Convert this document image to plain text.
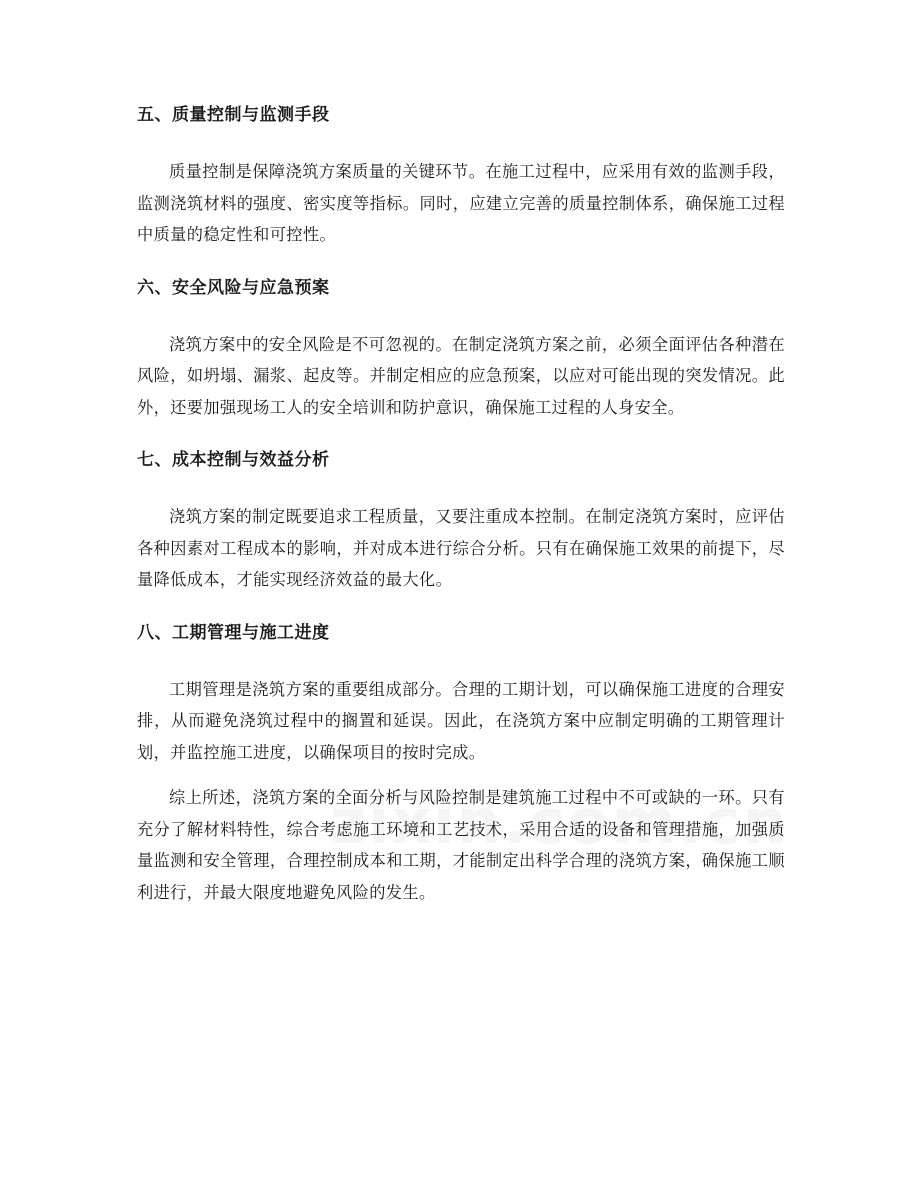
五、质量控制与监测手段

质量控制是保障浇筑方案质量的关键环节。在施工过程中，应采用有效的监测手段，监测浇筑材料的强度、密实度等指标。同时，应建立完善的质量控制体系，确保施工过程中质量的稳定性和可控性。

六、安全风险与应急预案

浇筑方案中的安全风险是不可忽视的。在制定浇筑方案之前，必须全面评估各种潜在风险，如坍塌、漏浆、起皮等。并制定相应的应急预案，以应对可能出现的突发情况。此外，还要加强现场工人的安全培训和防护意识，确保施工过程的人身安全。

七、成本控制与效益分析

浇筑方案的制定既要追求工程质量，又要注重成本控制。在制定浇筑方案时，应评估各种因素对工程成本的影响，并对成本进行综合分析。只有在确保施工效果的前提下，尽量降低成本，才能实现经济效益的最大化。

八、工期管理与施工进度

工期管理是浇筑方案的重要组成部分。合理的工期计划，可以确保施工进度的合理安排，从而避免浇筑过程中的搁置和延误。因此，在浇筑方案中应制定明确的工期管理计划，并监控施工进度，以确保项目的按时完成。

综上所述，浇筑方案的全面分析与风险控制是建筑施工过程中不可或缺的一环。只有充分了解材料特性，综合考虑施工环境和工艺技术，采用合适的设备和管理措施，加强质量监测和安全管理，合理控制成本和工期，才能制定出科学合理的浇筑方案，确保施工顺利进行，并最大限度地避免风险的发生。
